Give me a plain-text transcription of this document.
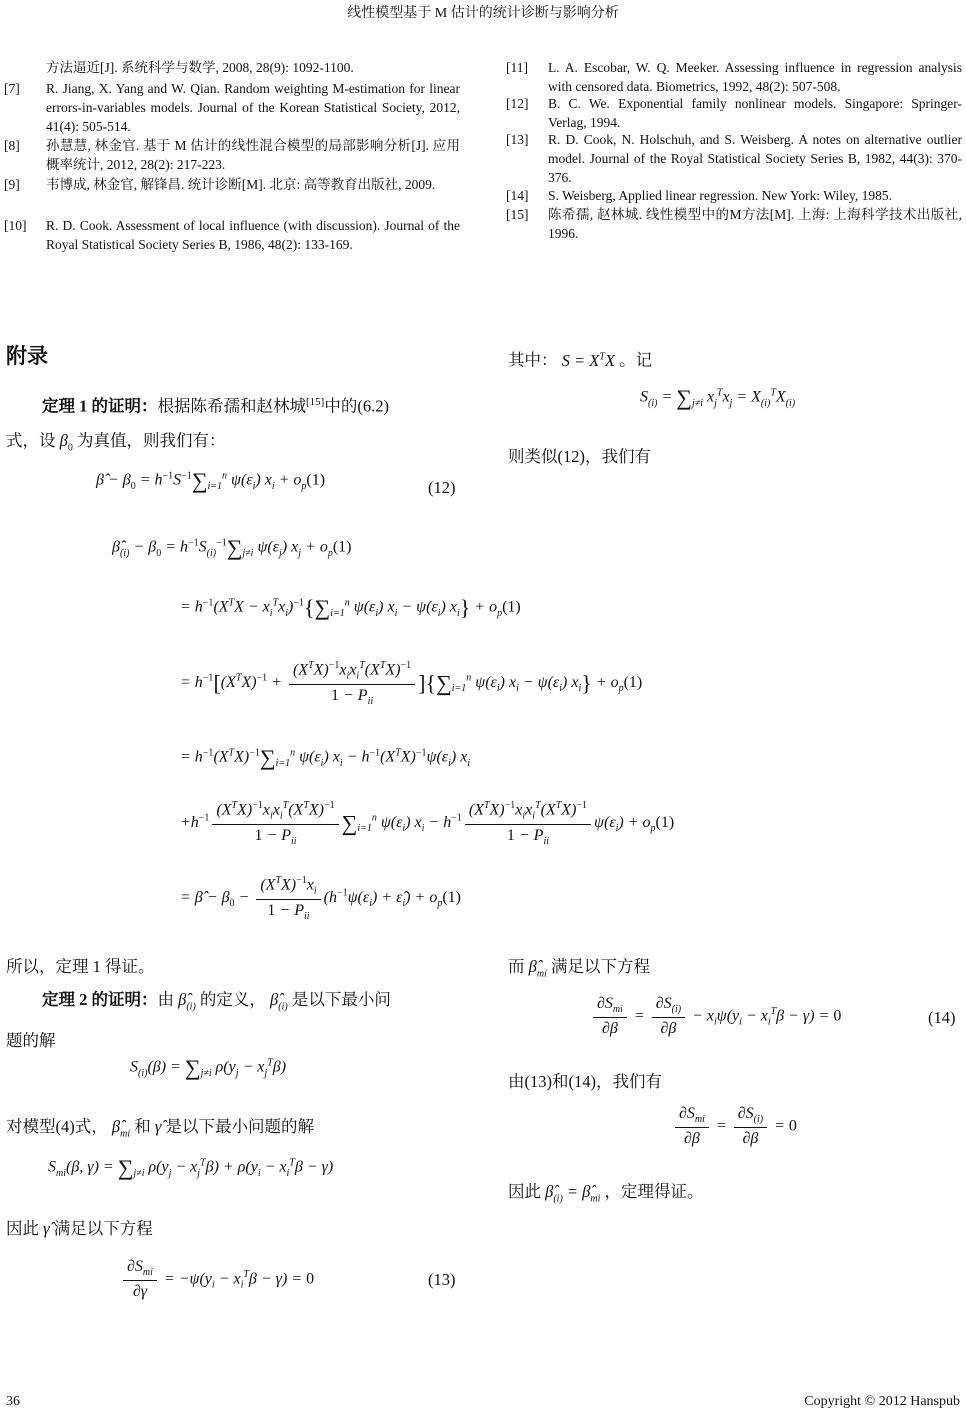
线性模型基于 M 估计的统计诊断与影响分析
方法逼近[J]. 系统科学与数学, 2008, 28(9): 1092-1100.
[7]	R. Jiang, X. Yang and W. Qian. Random weighting M-estimation for linear errors-in-variables models. Journal of the Korean Statistical Society, 2012, 41(4): 505-514.
[8]	孙慧慧, 林金官. 基于 M 估计的线性混合模型的局部影响分析[J]. 应用概率统计, 2012, 28(2): 217-223.
[9]	韦博成, 林金官, 解锋昌. 统计诊断[M]. 北京: 高等教育出版社, 2009.
[10]	R. D. Cook. Assessment of local influence (with discussion). Journal of the Royal Statistical Society Series B, 1986, 48(2): 133-169.
[11]	L. A. Escobar, W. Q. Meeker. Assessing influence in regression analysis with censored data. Biometrics, 1992, 48(2): 507-508.
[12]	B. C. We. Exponential family nonlinear models. Singapore: Springer-Verlag, 1994.
[13]	R. D. Cook, N. Holschuh, and S. Weisberg. A notes on alternative outlier model. Journal of the Royal Statistical Society Series B, 1982, 44(3): 370-376.
[14]	S. Weisberg, Applied linear regression. New York: Wiley, 1985.
[15]	陈希孺, 赵林城. 线性模型中的M方法[M]. 上海: 上海科学技术出版社, 1996.
附录
定理 1 的证明：根据陈希孺和赵林城[15]中的(6.2)
式，设 $\beta_0$ 为真值，则我们有：
β̂ − $\beta_0 = h^{-1}S^{-1}\sum_{i=1}^n$ $\psi(\varepsilon_i) x_i + o_p(1)$	(12)
其中： $S = X^TX$ 。记
$S_{(i)} = \sum_{j\ne i}$ $x_j^Tx_j = X_{(i)}^TX_{(i)}$
则类似(12)，我们有
$\betâ_{(i)} - \beta_0 = h^{-1}S_{(i)}^{-1}\sum_{j\ne i}$ $\psi(\varepsilon_j) x_j + o_p(1)$
= $h^{-1}(X^TX - x_i^Tx_i)^{-1}\{\sum_{i=1}^n$ $\psi(\varepsilon_i) x_i - \psi(\varepsilon_i) x_i\} + o_p(1)$
= $h^{-1}[(X^TX)^{-1} + \frac{(X^TX)^{-1}x_ix_i^T(X^TX)^{-1}}{1 - P_{ii}} ]\{\sum_{i=1}^n$ $\psi(\varepsilon_i) x_i - \psi(\varepsilon_i) x_i\} + o_p(1)$
= $h^{-1}(X^TX)^{-1}\sum_{i=1}^n$ $\psi(\varepsilon_i) x_i - h^{-1}(X^TX)^{-1}\psi(\varepsilon_i)$ $x_i$
$+h^{-1} \frac{(X^TX)^{-1}x_ix_i^T(X^TX)^{-1}}{1 - P_{ii}} \sum_{i=1}^n$ $\psi(\varepsilon_i) x_i - h^{-1} \frac{(X^TX)^{-1}x_ix_i^T(X^TX)^{-1}}{1 - P_{ii}} \psi(\varepsilon_i) + o_p(1)$
= β̂ − $\beta_0 - \frac{(X^TX)^{-1}x_i}{1 - P_{ii}} (h^{-1}\psi(\varepsilon_i)$ + $\varepsilon̂_i) + o_p(1)$
所以，定理 1 得证。
定理 2 的证明：由 $\betâ_{(i)}$ 的定义， $\betâ_{(i)}$ 是以下最小问
题的解
$S_{(i)}(\beta) = \sum_{j\ne i}$ $\rho(y_j - x_j^T\beta)$
对模型(4)式， $\betâ_{mi}$ 和 γ̂ 是以下最小问题的解
$S_{mi}(\beta$, $\gamma) = \sum_{j\ne i}$ $\rho(y_j - x_j^T\beta) + \rho(y_i - x_i^T\beta - \gamma)$
因此 γ̂ 满足以下方程
$\frac{\partial S_{mi}}{\partial\gamma} = -\psi(y_i - x_i^T\beta - \gamma) = 0$	(13)
而 $\betâ_{mi}$ 满足以下方程
$\frac{\partial S_{mi}}{\partial\beta} = \frac{\partial S_{(i)}}{\partial\beta} - x_i\psi(y_i - x_i^T\beta - \gamma) = 0$	(14)
由(13)和(14)，我们有
$\frac{\partial S_{mi}}{\partial\beta} = \frac{\partial S_{(i)}}{\partial\beta} = 0$
因此 $\betâ_{(i)}$ = $\betâ_{mi}$ ，定理得证。
36	Copyright © 2012 Hanspub
